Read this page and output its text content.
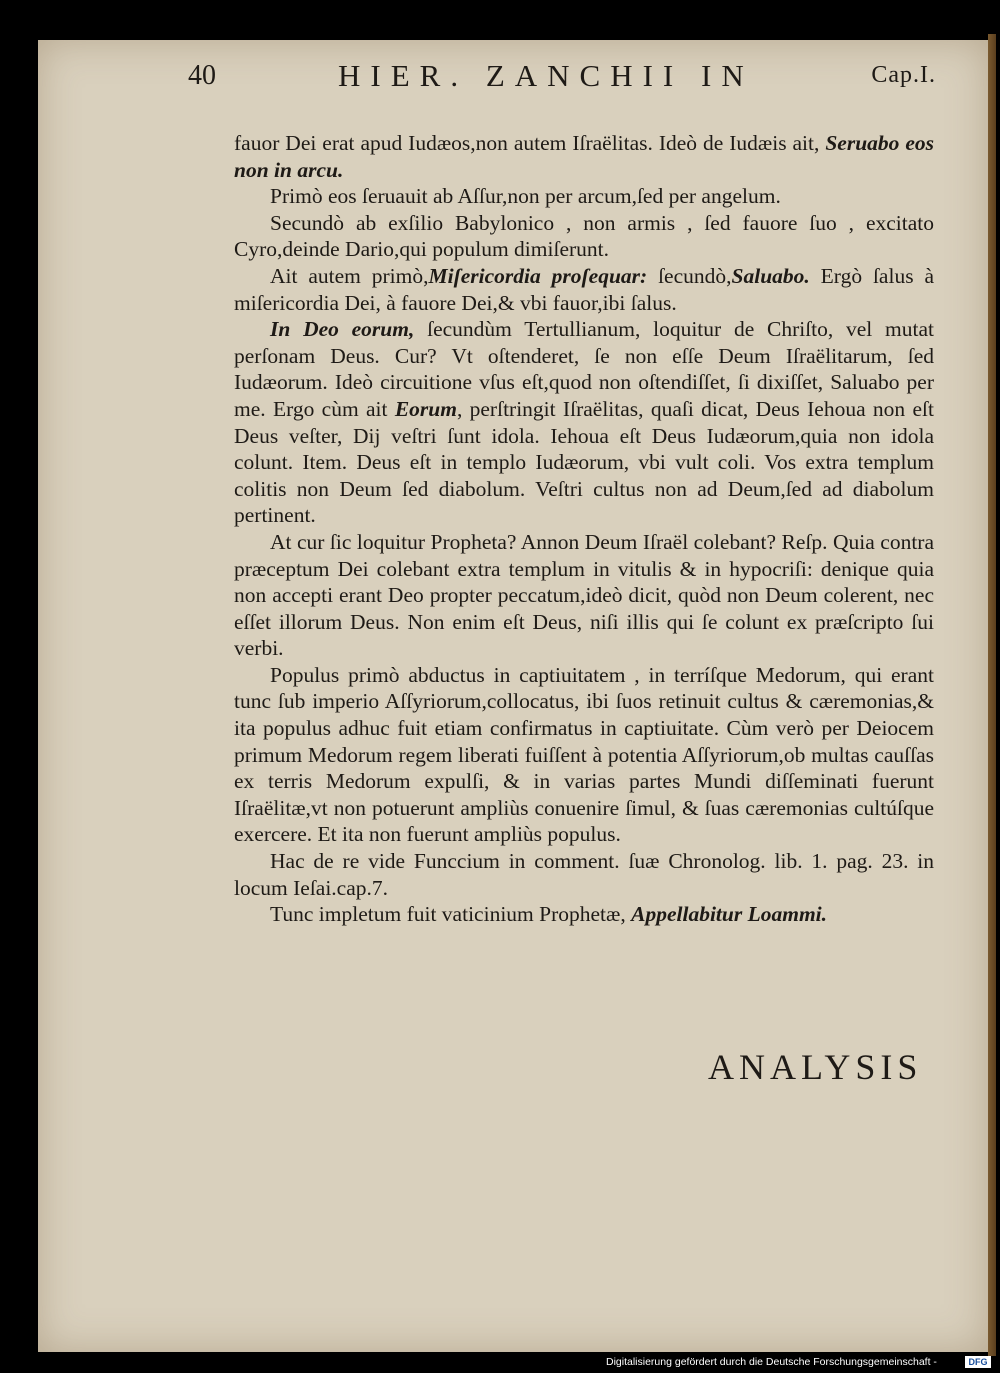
40	HIER. ZANCHII IN	Cap.I.

fauor Dei erat apud Iudæos,non autem Iſraëlitas. Ideò de Iudæis ait, Seruabo eos non in arcu.

Primò eos ſeruauit ab Aſſur,non per arcum,ſed per angelum.

Secundò ab exſilio Babylonico , non armis , ſed fauore ſuo , excitato Cyro,deinde Dario,qui populum dimiſerunt.

Ait autem primò,Miſericordia proſequar: ſecundò,Saluabo. Ergò ſalus à miſericordia Dei, à fauore Dei,& vbi fauor,ibi ſalus.

In Deo eorum, ſecundùm Tertullianum, loquitur de Chriſto, vel mutat perſonam Deus. Cur? Vt oſtenderet, ſe non eſſe Deum Iſraëlitarum, ſed Iudæorum. Ideò circuitione vſus eſt,quod non oſtendiſſet, ſi dixiſſet, Saluabo per me. Ergo cùm ait Eorum, perſtringit Iſraëlitas, quaſi dicat, Deus Iehoua non eſt Deus veſter, Dij veſtri ſunt idola. Iehoua eſt Deus Iudæorum,quia non idola colunt. Item. Deus eſt in templo Iudæorum, vbi vult coli. Vos extra templum colitis non Deum ſed diabolum. Veſtri cultus non ad Deum,ſed ad diabolum pertinent.

At cur ſic loquitur Propheta? Annon Deum Iſraël colebant? Reſp. Quia contra præceptum Dei colebant extra templum in vitulis & in hypocriſi: denique quia non accepti erant Deo propter peccatum,ideò dicit, quòd non Deum colerent, nec eſſet illorum Deus. Non enim eſt Deus, niſi illis qui ſe colunt ex præſcripto ſui verbi.

Populus primò abductus in captiuitatem , in terríſque Medorum, qui erant tunc ſub imperio Aſſyriorum,collocatus, ibi ſuos retinuit cultus & cæremonias,& ita populus adhuc fuit etiam confirmatus in captiuitate. Cùm verò per Deiocem primum Medorum regem liberati fuiſſent à potentia Aſſyriorum,ob multas cauſſas ex terris Medorum expulſi, & in varias partes Mundi diſſeminati fuerunt Iſraëlitæ,vt non potuerunt ampliùs conuenire ſimul, & ſuas cæremonias cultúſque exercere. Et ita non fuerunt ampliùs populus.

Hac de re vide Funccium in comment. ſuæ Chronolog. lib. 1. pag. 23. in locum Ieſai.cap.7.

Tunc impletum fuit vaticinium Prophetæ, Appellabitur Loammi.

ANALYSIS
Digitalisierung gefördert durch die Deutsche Forschungsgemeinschaft -	DFG
